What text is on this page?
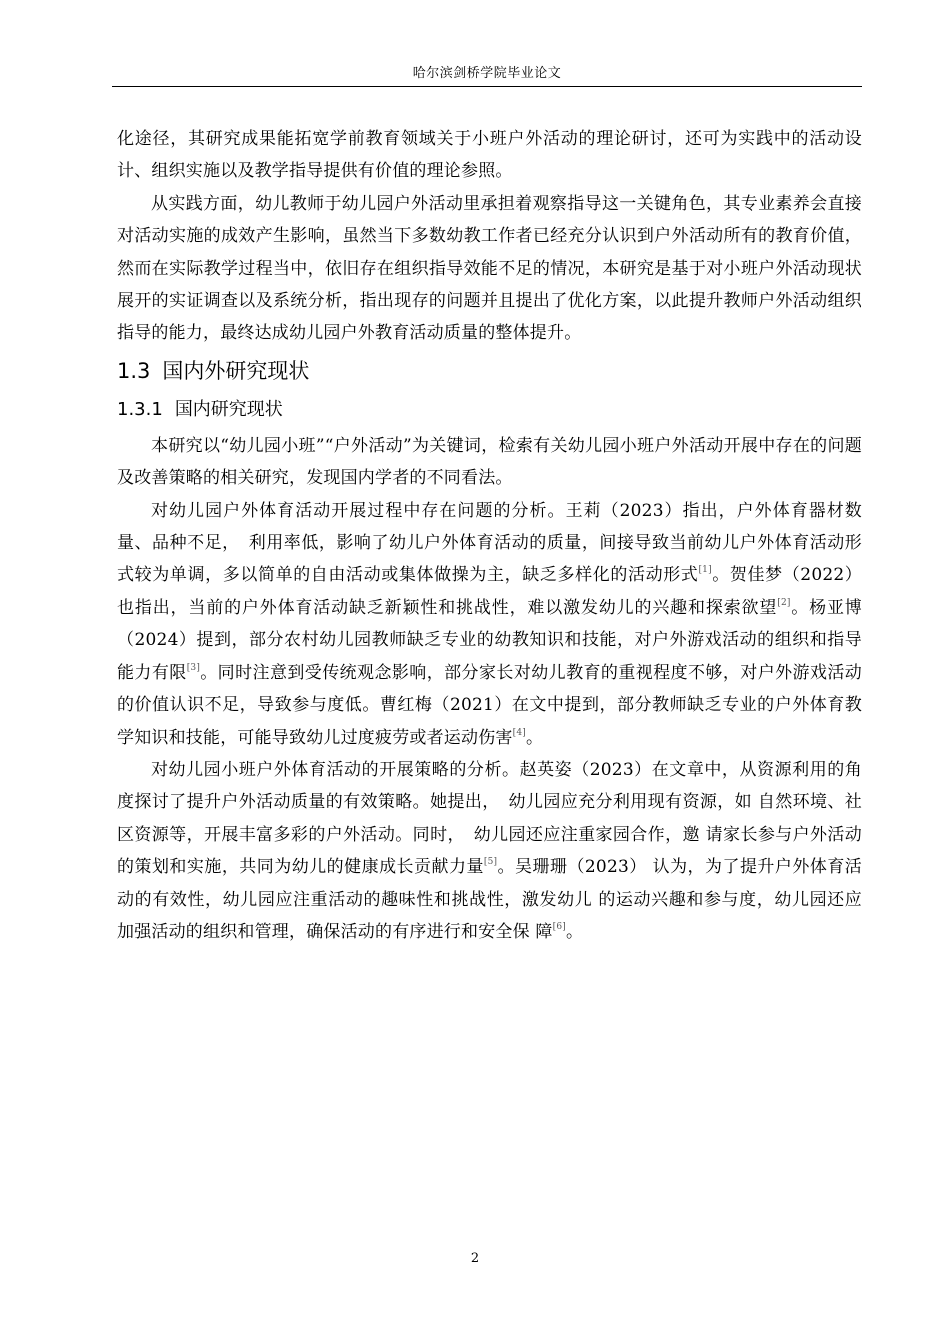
哈尔滨剑桥学院毕业论文

化途径，其研究成果能拓宽学前教育领域关于小班户外活动的理论研讨，还可为实践中的活动设计、组织实施以及教学指导提供有价值的理论参照。

从实践方面，幼儿教师于幼儿园户外活动里承担着观察指导这一关键角色，其专业素养会直接对活动实施的成效产生影响，虽然当下多数幼教工作者已经充分认识到户外活动所有的教育价值，然而在实际教学过程当中，依旧存在组织指导效能不足的情况，本研究是基于对小班户外活动现状展开的实证调查以及系统分析，指出现存的问题并且提出了优化方案，以此提升教师户外活动组织指导的能力，最终达成幼儿园户外教育活动质量的整体提升。

1.3 国内外研究现状
1.3.1 国内研究现状

本研究以“幼儿园小班”“户外活动”为关键词，检索有关幼儿园小班户外活动开展中存在的问题及改善策略的相关研究，发现国内学者的不同看法。

对幼儿园户外体育活动开展过程中存在问题的分析。王莉（2023）指出，户外体育器材数量、品种不足，　利用率低，影响了幼儿户外体育活动的质量，间接导致当前幼儿户外体育活动形式较为单调，多以简单的自由活动或集体做操为主，缺乏多样化的活动形式[1]。贺佳梦（2022）也指出，当前的户外体育活动缺乏新颖性和挑战性，难以激发幼儿的兴趣和探索欲望[2]。杨亚博（2024）提到，部分农村幼儿园教师缺乏专业的幼教知识和技能，对户外游戏活动的组织和指导能力有限[3]。同时注意到受传统观念影响，部分家长对幼儿教育的重视程度不够，对户外游戏活动的价值认识不足，导致参与度低。曹红梅（2021）在文中提到，部分教师缺乏专业的户外体育教学知识和技能，可能导致幼儿过度疲劳或者运动伤害[4]。

对幼儿园小班户外体育活动的开展策略的分析。赵英姿（2023）在文章中，从资源利用的角度探讨了提升户外活动质量的有效策略。她提出，　幼儿园应充分利用现有资源，如 自然环境、社区资源等，开展丰富多彩的户外活动。同时，　幼儿园还应注重家园合作，邀 请家长参与户外活动的策划和实施，共同为幼儿的健康成长贡献力量[5]。吴珊珊（2023） 认为，为了提升户外体育活动的有效性，幼儿园应注重活动的趣味性和挑战性，激发幼儿 的运动兴趣和参与度，幼儿园还应加强活动的组织和管理，确保活动的有序进行和安全保 障[6]。

2
